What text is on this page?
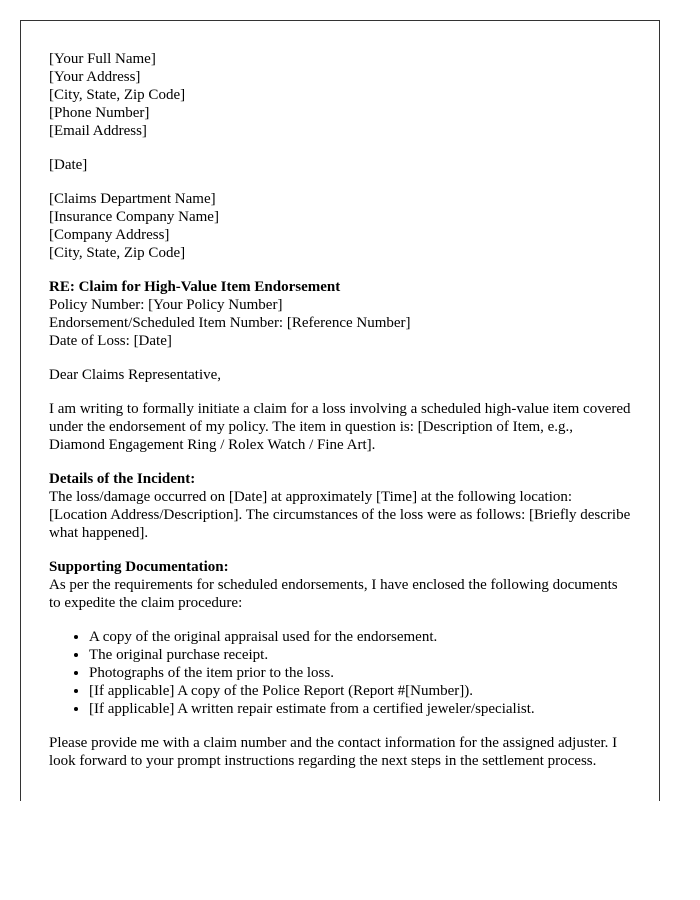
[Your Full Name]
[Your Address]
[City, State, Zip Code]
[Phone Number]
[Email Address]

[Date]

[Claims Department Name]
[Insurance Company Name]
[Company Address]
[City, State, Zip Code]

RE: Claim for High-Value Item Endorsement
Policy Number: [Your Policy Number]
Endorsement/Scheduled Item Number: [Reference Number]
Date of Loss: [Date]

Dear Claims Representative,

I am writing to formally initiate a claim for a loss involving a scheduled high-value item covered under the endorsement of my policy. The item in question is: [Description of Item, e.g., Diamond Engagement Ring / Rolex Watch / Fine Art].

Details of the Incident:
The loss/damage occurred on [Date] at approximately [Time] at the following location: [Location Address/Description]. The circumstances of the loss were as follows: [Briefly describe what happened].

Supporting Documentation:
As per the requirements for scheduled endorsements, I have enclosed the following documents to expedite the claim procedure:

• A copy of the original appraisal used for the endorsement.
• The original purchase receipt.
• Photographs of the item prior to the loss.
• [If applicable] A copy of the Police Report (Report #[Number]).
• [If applicable] A written repair estimate from a certified jeweler/specialist.

Please provide me with a claim number and the contact information for the assigned adjuster. I look forward to your prompt instructions regarding the next steps in the settlement process.
